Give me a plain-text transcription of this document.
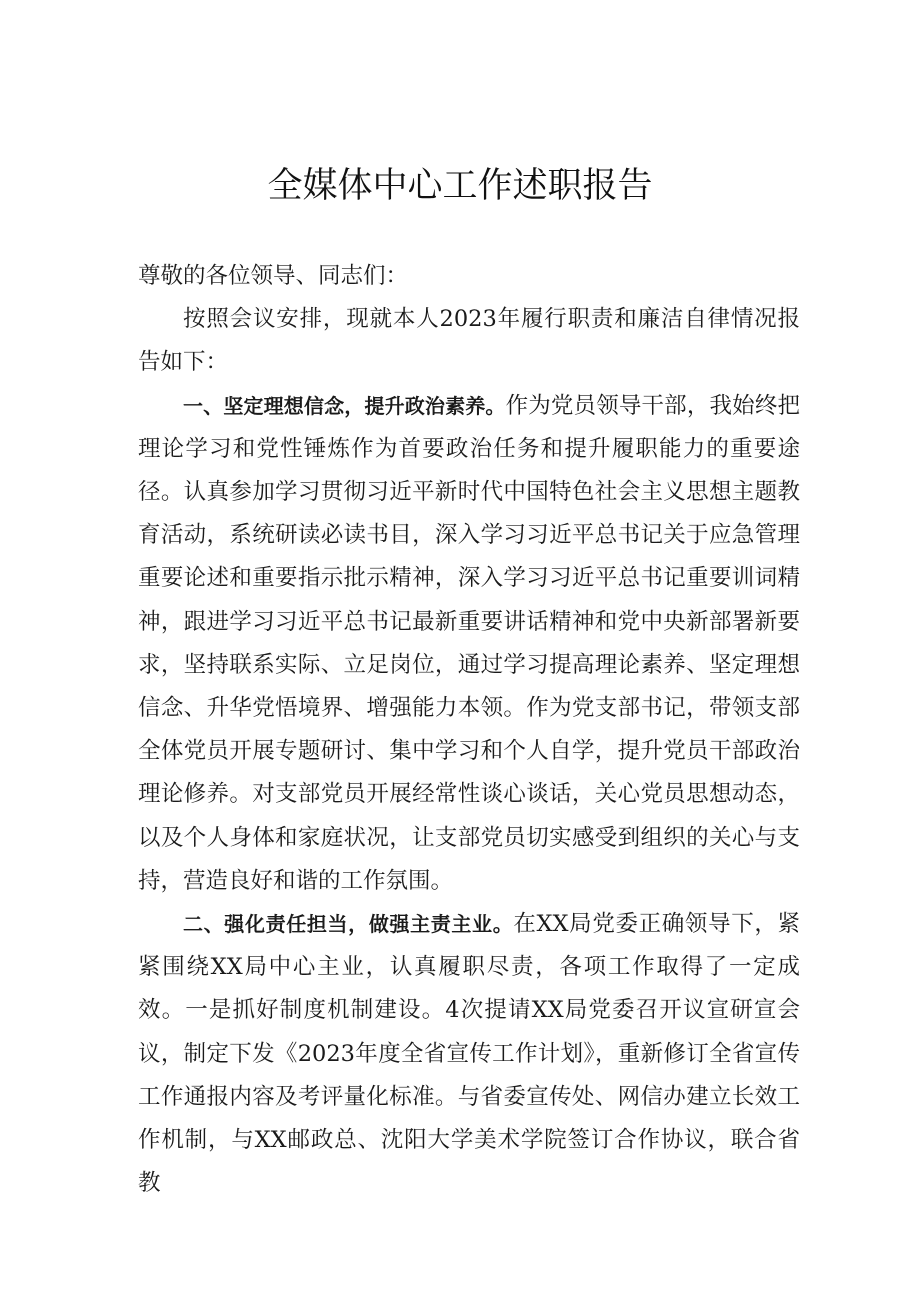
全媒体中心工作述职报告

尊敬的各位领导、同志们：

按照会议安排，现就本人2023年履行职责和廉洁自律情况报告如下：

一、坚定理想信念，提升政治素养。作为党员领导干部，我始终把理论学习和党性锤炼作为首要政治任务和提升履职能力的重要途径。认真参加学习贯彻习近平新时代中国特色社会主义思想主题教育活动，系统研读必读书目，深入学习习近平总书记关于应急管理重要论述和重要指示批示精神，深入学习习近平总书记重要训词精神，跟进学习习近平总书记最新重要讲话精神和党中央新部署新要求，坚持联系实际、立足岗位，通过学习提高理论素养、坚定理想信念、升华党悟境界、增强能力本领。作为党支部书记，带领支部全体党员开展专题研讨、集中学习和个人自学，提升党员干部政治理论修养。对支部党员开展经常性谈心谈话，关心党员思想动态，以及个人身体和家庭状况，让支部党员切实感受到组织的关心与支持，营造良好和谐的工作氛围。

二、强化责任担当，做强主责主业。在XX局党委正确领导下，紧紧围绕XX局中心主业，认真履职尽责，各项工作取得了一定成效。一是抓好制度机制建设。4次提请XX局党委召开议宣研宣会议，制定下发《2023年度全省宣传工作计划》，重新修订全省宣传工作通报内容及考评量化标准。与省委宣传处、网信办建立长效工作机制，与XX邮政总、沈阳大学美术学院签订合作协议，联合省教
